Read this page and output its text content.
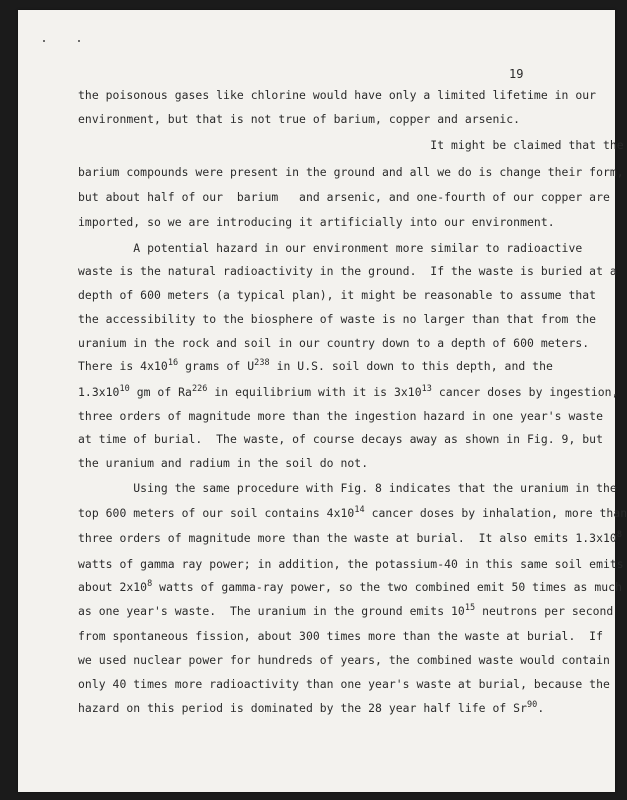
19
the poisonous gases like chlorine would have only a limited lifetime in our
environment, but that is not true of barium, copper and arsenic.
It might be claimed that the
barium compounds were present in the ground and all we do is change their form,
but about half of our  barium   and arsenic, and one-fourth of our copper are
imported, so we are introducing it artificially into our environment.
A potential hazard in our environment more similar to radioactive
waste is the natural radioactivity in the ground.  If the waste is buried at a
depth of 600 meters (a typical plan), it might be reasonable to assume that
the accessibility to the biosphere of waste is no larger than that from the
uranium in the rock and soil in our country down to a depth of 600 meters.
There is $4x10^{16}$ grams of $U^{238}$ in U.S. soil down to this depth, and the
$1.3x10^{10}$ gm of Ra$^{226}$ in equilibrium with it is $3x10^{13}$ cancer doses by ingestion,
three orders of magnitude more than the ingestion hazard in one year's waste
at time of burial.  The waste, of course decays away as shown in Fig. 9, but
the uranium and radium in the soil do not.
Using the same procedure with Fig. 8 indicates that the uranium in the
top 600 meters of our soil contains $4x10^{14}$ cancer doses by inhalation, more than
three orders of magnitude more than the waste at burial.  It also emits $1.3x10^8$
watts of gamma ray power; in addition, the potassium-40 in this same soil emits
about $2x10^8$ watts of gamma-ray power, so the two combined emit 50 times as much
as one year's waste.  The uranium in the ground emits $10^{15}$ neutrons per second
from spontaneous fission, about 300 times more than the waste at burial.  If
we used nuclear power for hundreds of years, the combined waste would contain
only 40 times more radioactivity than one year's waste at burial, because the
hazard on this period is dominated by the 28 year half life of Sr$^{90}$.
